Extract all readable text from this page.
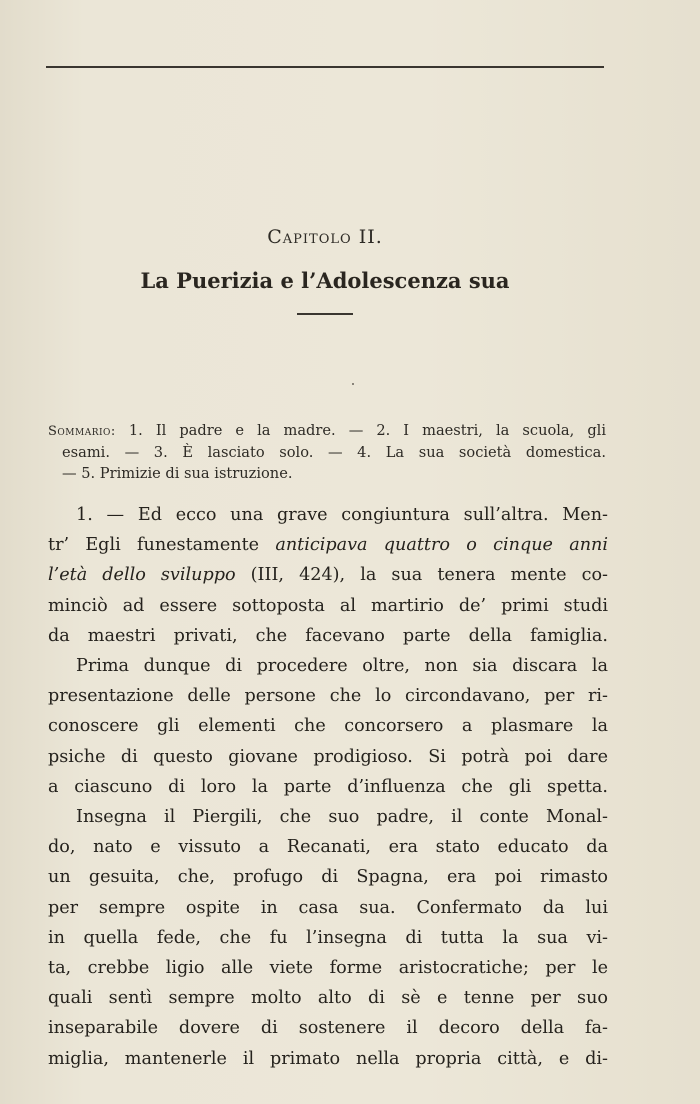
Capitolo II.
La Puerizia e l’Adolescenza sua
Sommario: 1. Il padre e la madre. — 2. I maestri, la scuola, gli
esami. — 3. È lasciato solo. — 4. La sua società domestica.
— 5. Primizie di sua istruzione.
1. — Ed ecco una grave congiuntura sull’altra. Men-
tr’ Egli funestamente anticipava quattro o cinque anni
l’età dello sviluppo (III, 424), la sua tenera mente co-
minciò ad essere sottoposta al martirio de’ primi studi
da maestri privati, che facevano parte della famiglia.
Prima dunque di procedere oltre, non sia discara la
presentazione delle persone che lo circondavano, per ri-
conoscere gli elementi che concorsero a plasmare la
psiche di questo giovane prodigioso. Si potrà poi dare
a ciascuno di loro la parte d’influenza che gli spetta.
Insegna il Piergili, che suo padre, il conte Monal-
do, nato e vissuto a Recanati, era stato educato da
un gesuita, che, profugo di Spagna, era poi rimasto
per sempre ospite in casa sua. Confermato da lui
in quella fede, che fu l’insegna di tutta la sua vi-
ta, crebbe ligio alle viete forme aristocratiche; per le
quali sentì sempre molto alto di sè e tenne per suo
inseparabile dovere di sostenere il decoro della fa-
miglia, mantenerle il primato nella propria città, e di-
